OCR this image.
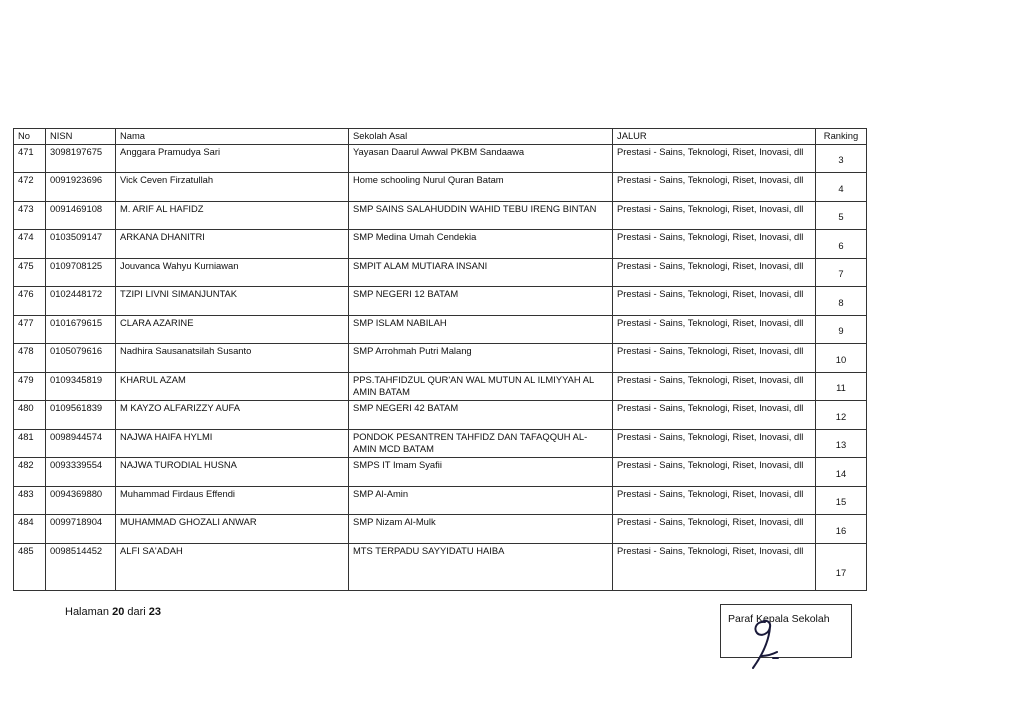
No	NISN	Nama	Sekolah Asal	JALUR	Ranking
471	3098197675	Anggara Pramudya Sari	Yayasan Daarul Awwal PKBM Sandaawa	Prestasi - Sains, Teknologi, Riset, Inovasi, dll	3
472	0091923696	Vick Ceven Firzatullah	Home schooling Nurul Quran Batam	Prestasi - Sains, Teknologi, Riset, Inovasi, dll	4
473	0091469108	M. ARIF AL HAFIDZ	SMP SAINS SALAHUDDIN WAHID TEBU IRENG BINTAN	Prestasi - Sains, Teknologi, Riset, Inovasi, dll	5
474	0103509147	ARKANA DHANITRI	SMP Medina Umah Cendekia	Prestasi - Sains, Teknologi, Riset, Inovasi, dll	6
475	0109708125	Jouvanca Wahyu Kurniawan	SMPIT ALAM MUTIARA INSANI	Prestasi - Sains, Teknologi, Riset, Inovasi, dll	7
476	0102448172	TZIPI LIVNI SIMANJUNTAK	SMP NEGERI 12 BATAM	Prestasi - Sains, Teknologi, Riset, Inovasi, dll	8
477	0101679615	CLARA AZARINE	SMP ISLAM NABILAH	Prestasi - Sains, Teknologi, Riset, Inovasi, dll	9
478	0105079616	Nadhira Sausanatsilah Susanto	SMP Arrohmah Putri Malang	Prestasi - Sains, Teknologi, Riset, Inovasi, dll	10
479	0109345819	KHARUL AZAM	PPS.TAHFIDZUL QUR'AN WAL MUTUN AL ILMIYYAH AL AMIN BATAM	Prestasi - Sains, Teknologi, Riset, Inovasi, dll	11
480	0109561839	M KAYZO ALFARIZZY AUFA	SMP NEGERI 42 BATAM	Prestasi - Sains, Teknologi, Riset, Inovasi, dll	12
481	0098944574	NAJWA HAIFA HYLMI	PONDOK PESANTREN TAHFIDZ DAN TAFAQQUH AL-AMIN MCD BATAM	Prestasi - Sains, Teknologi, Riset, Inovasi, dll	13
482	0093339554	NAJWA TURODIAL HUSNA	SMPS IT Imam Syafii	Prestasi - Sains, Teknologi, Riset, Inovasi, dll	14
483	0094369880	Muhammad Firdaus Effendi	SMP Al-Amin	Prestasi - Sains, Teknologi, Riset, Inovasi, dll	15
484	0099718904	MUHAMMAD GHOZALI ANWAR	SMP Nizam Al-Mulk	Prestasi - Sains, Teknologi, Riset, Inovasi, dll	16
485	0098514452	ALFI SA'ADAH	MTS TERPADU SAYYIDATU HAIBA	Prestasi - Sains, Teknologi, Riset, Inovasi, dll	17
Halaman 20 dari 23
Paraf Kepala Sekolah
